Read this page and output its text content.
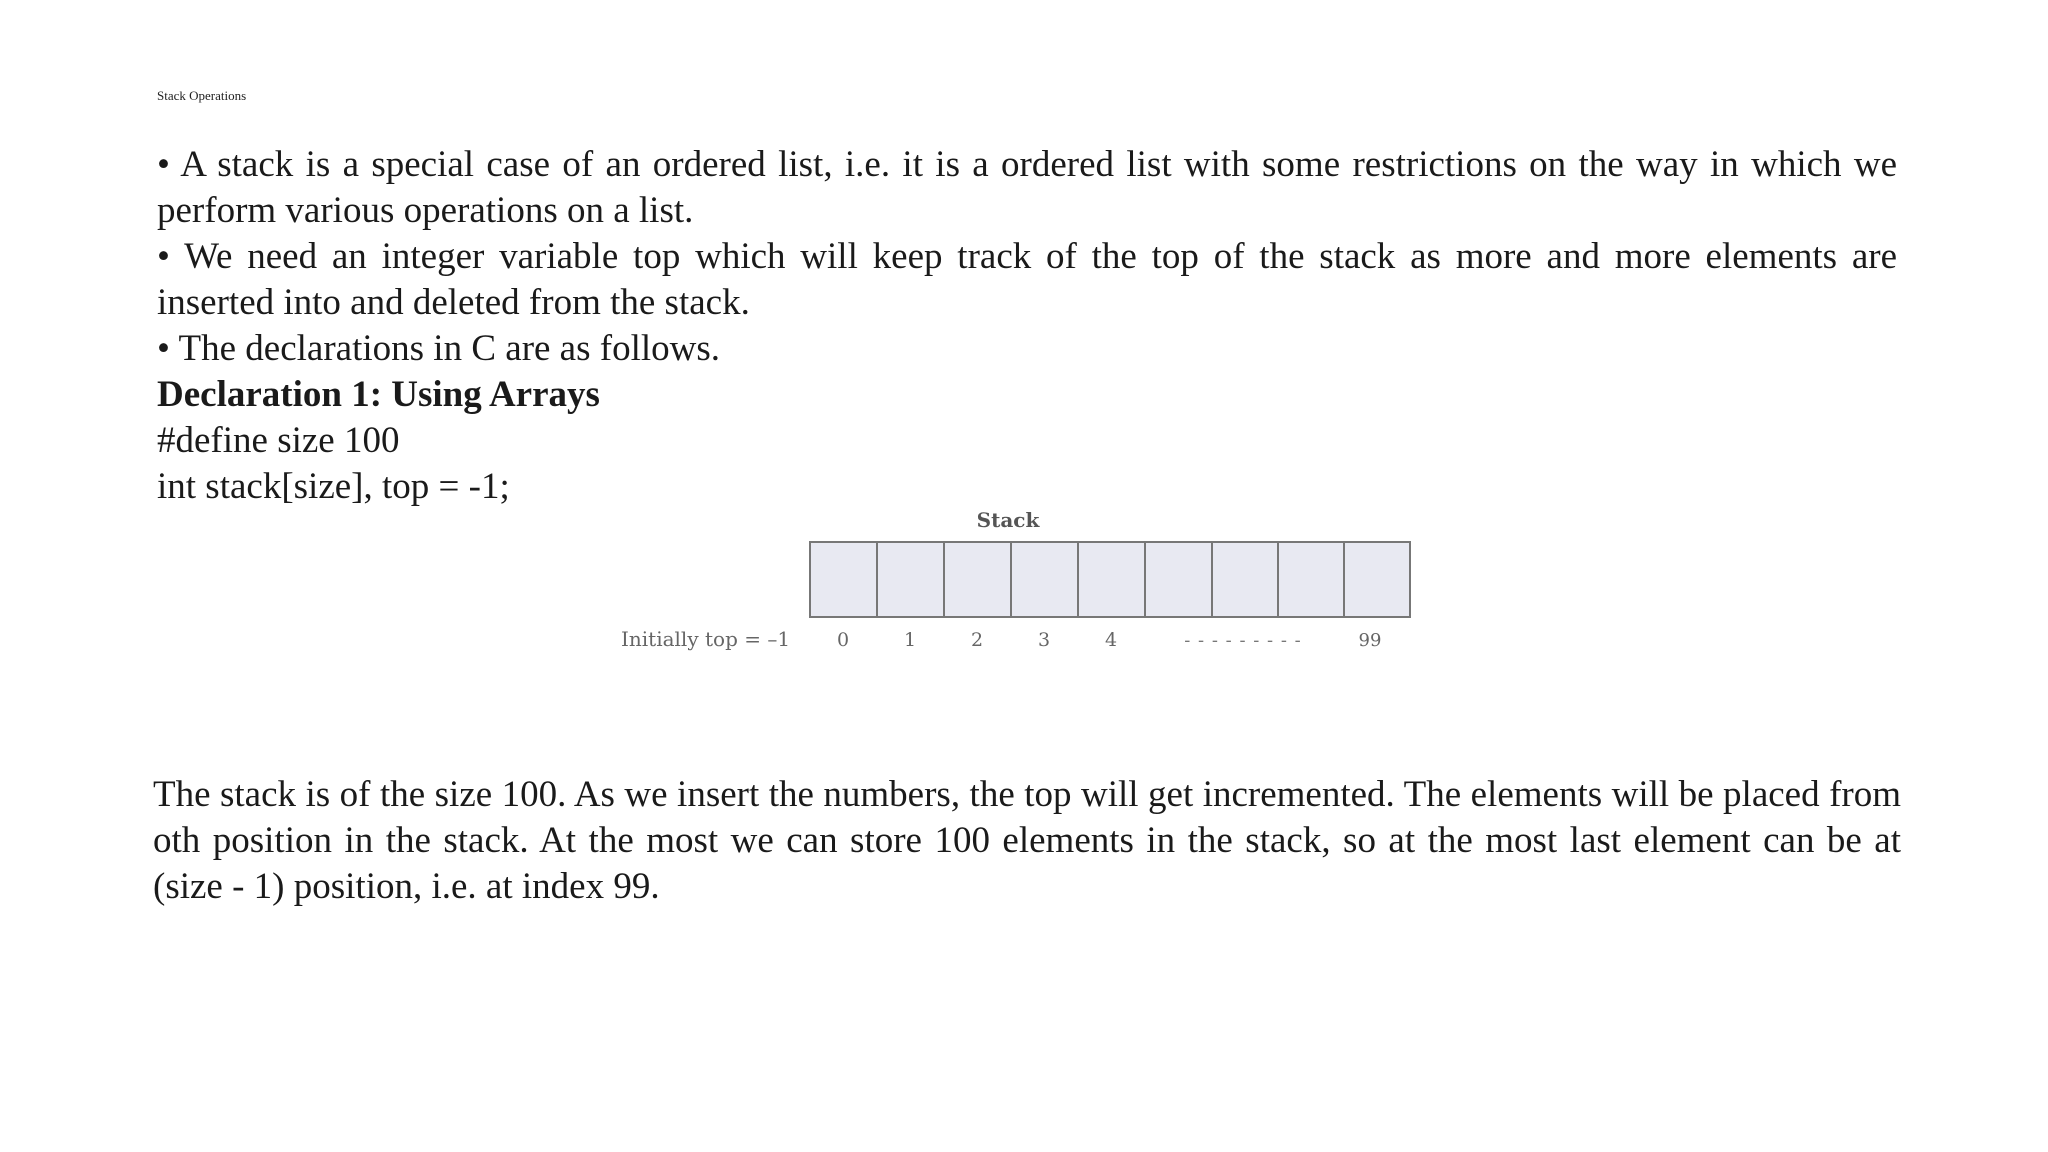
Stack Operations

• A stack is a special case of an ordered list, i.e. it is a ordered list with some restrictions on the way in which we perform various operations on a list.

• We need an integer variable top which will keep track of the top of the stack as more and more elements are inserted into and deleted from the stack.

• The declarations in C are as follows.

Declaration 1: Using Arrays

#define size 100

int stack[size], top = -1;

Stack
Initially top = –1 0	1	2	3	4	- - - - - - - - -	99

The stack is of the size 100. As we insert the numbers, the top will get incremented. The elements will be placed from oth position in the stack. At the most we can store 100 elements in the stack, so at the most last element can be at (size - 1) position, i.e. at index 99.
